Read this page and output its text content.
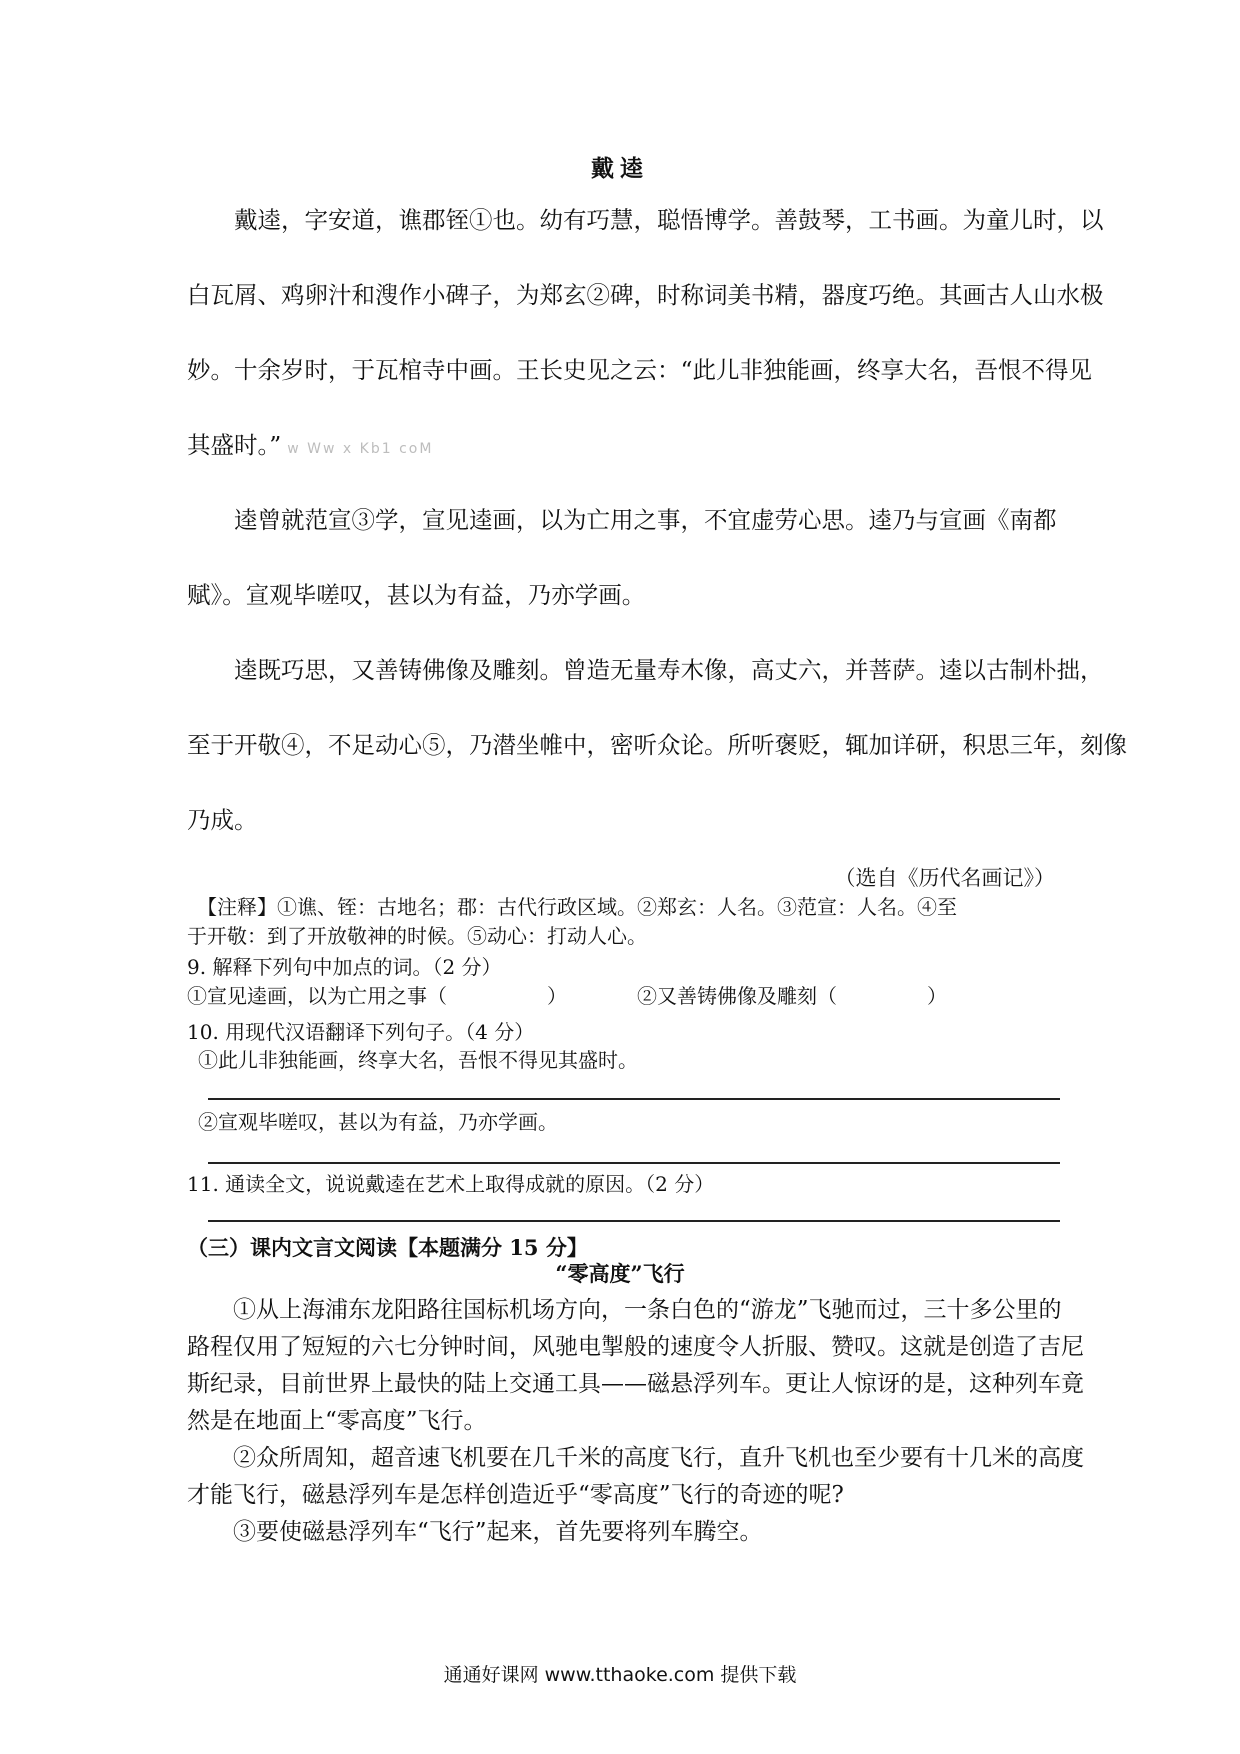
戴逵
　　戴逵，字安道，谯郡铚①也。幼有巧慧，聪悟博学。善鼓琴，工书画。为童儿时，以
白瓦屑、鸡卵汁和溲作小碑子，为郑玄②碑，时称词美书精，器度巧绝。其画古人山水极
妙。十余岁时，于瓦棺寺中画。王长史见之云：“此儿非独能画，终享大名，吾恨不得见
其盛时。” w Ww x Kb1 coM
　　逵曾就范宣③学，宣见逵画，以为亡用之事，不宜虚劳心思。逵乃与宣画《南都
赋》。宣观毕嗟叹，甚以为有益，乃亦学画。
　　逵既巧思，又善铸佛像及雕刻。曾造无量寿木像，高丈六，并菩萨。逵以古制朴拙，
至于开敬④，不足动心⑤，乃潜坐帷中，密听众论。所听褒贬，辄加详研，积思三年，刻像
乃成。
（选自《历代名画记》）
　【注释】①谯、铚：古地名；郡：古代行政区域。②郑玄：人名。③范宣：人名。④至
于开敬：到了开放敬神的时候。⑤动心：打动人心。
9. 解释下列句中加点的词。（2 分）
①宣见逵画，以为亡用之事（	）	②又善铸佛像及雕刻（	）
10. 用现代汉语翻译下列句子。（4 分）
①此儿非独能画，终享大名，吾恨不得见其盛时。
②宣观毕嗟叹，甚以为有益，乃亦学画。
11. 通读全文，说说戴逵在艺术上取得成就的原因。（2 分）
（三）课内文言文阅读【本题满分 15 分】
“零高度”飞行
　　①从上海浦东龙阳路往国标机场方向，一条白色的“游龙”飞驰而过，三十多公里的
路程仅用了短短的六七分钟时间，风驰电掣般的速度令人折服、赞叹。这就是创造了吉尼
斯纪录，目前世界上最快的陆上交通工具——磁悬浮列车。更让人惊讶的是，这种列车竟
然是在地面上“零高度”飞行。
　　②众所周知，超音速飞机要在几千米的高度飞行，直升飞机也至少要有十几米的高度
才能飞行，磁悬浮列车是怎样创造近乎“零高度”飞行的奇迹的呢?
　　③要使磁悬浮列车“飞行”起来，首先要将列车腾空。
通通好课网 www.tthaoke.com 提供下载
